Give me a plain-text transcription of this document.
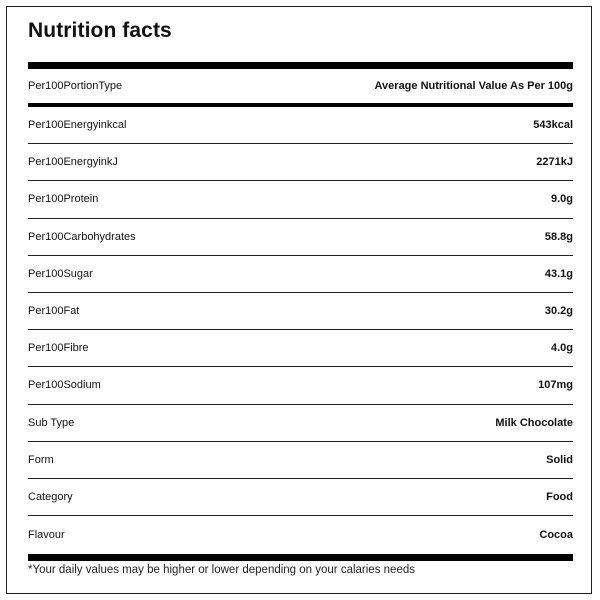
Nutrition facts
Per100PortionType	Average Nutritional Value As Per 100g
Per100Energyinkcal	543kcal
Per100EnergyinkJ	2271kJ
Per100Protein	9.0g
Per100Carbohydrates	58.8g
Per100Sugar	43.1g
Per100Fat	30.2g
Per100Fibre	4.0g
Per100Sodium	107mg
Sub Type	Milk Chocolate
Form	Solid
Category	Food
Flavour	Cocoa
*Your daily values may be higher or lower depending on your calaries needs
